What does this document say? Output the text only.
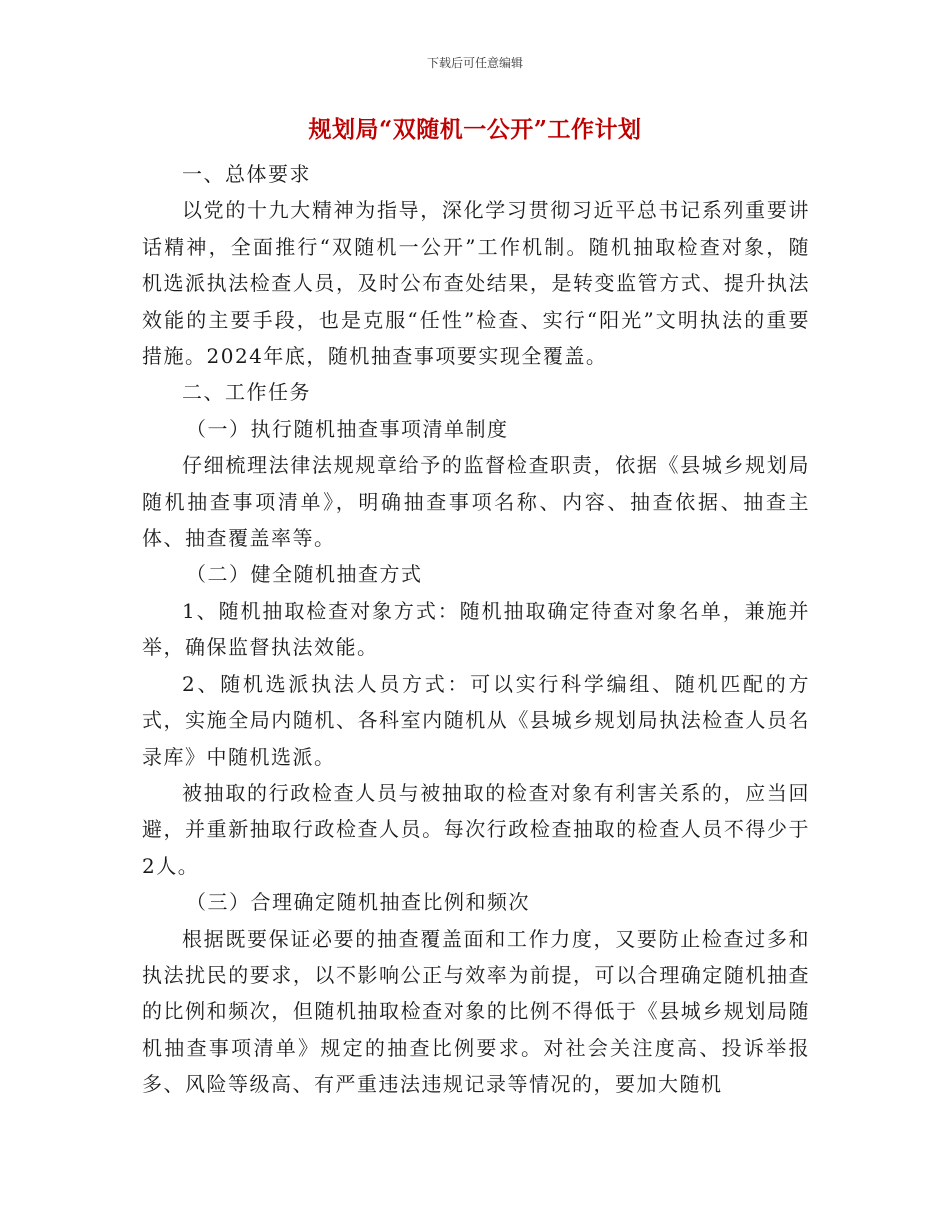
下载后可任意编辑
规划局“双随机一公开”工作计划

一、总体要求

以党的十九大精神为指导，深化学习贯彻习近平总书记系列重要讲话精神，全面推行“双随机一公开”工作机制。随机抽取检查对象，随机选派执法检查人员，及时公布查处结果，是转变监管方式、提升执法效能的主要手段，也是克服“任性”检查、实行“阳光”文明执法的重要措施。2024年底，随机抽查事项要实现全覆盖。

二、工作任务

（一）执行随机抽查事项清单制度

仔细梳理法律法规规章给予的监督检查职责，依据《县城乡规划局随机抽查事项清单》，明确抽查事项名称、内容、抽查依据、抽查主体、抽查覆盖率等。

（二）健全随机抽查方式

1、随机抽取检查对象方式：随机抽取确定待查对象名单，兼施并举，确保监督执法效能。

2、随机选派执法人员方式：可以实行科学编组、随机匹配的方式，实施全局内随机、各科室内随机从《县城乡规划局执法检查人员名录库》中随机选派。

被抽取的行政检查人员与被抽取的检查对象有利害关系的，应当回避，并重新抽取行政检查人员。每次行政检查抽取的检查人员不得少于2人。

（三）合理确定随机抽查比例和频次

根据既要保证必要的抽查覆盖面和工作力度，又要防止检查过多和执法扰民的要求，以不影响公正与效率为前提，可以合理确定随机抽查的比例和频次，但随机抽取检查对象的比例不得低于《县城乡规划局随机抽查事项清单》规定的抽查比例要求。对社会关注度高、投诉举报多、风险等级高、有严重违法违规记录等情况的，要加大随机
